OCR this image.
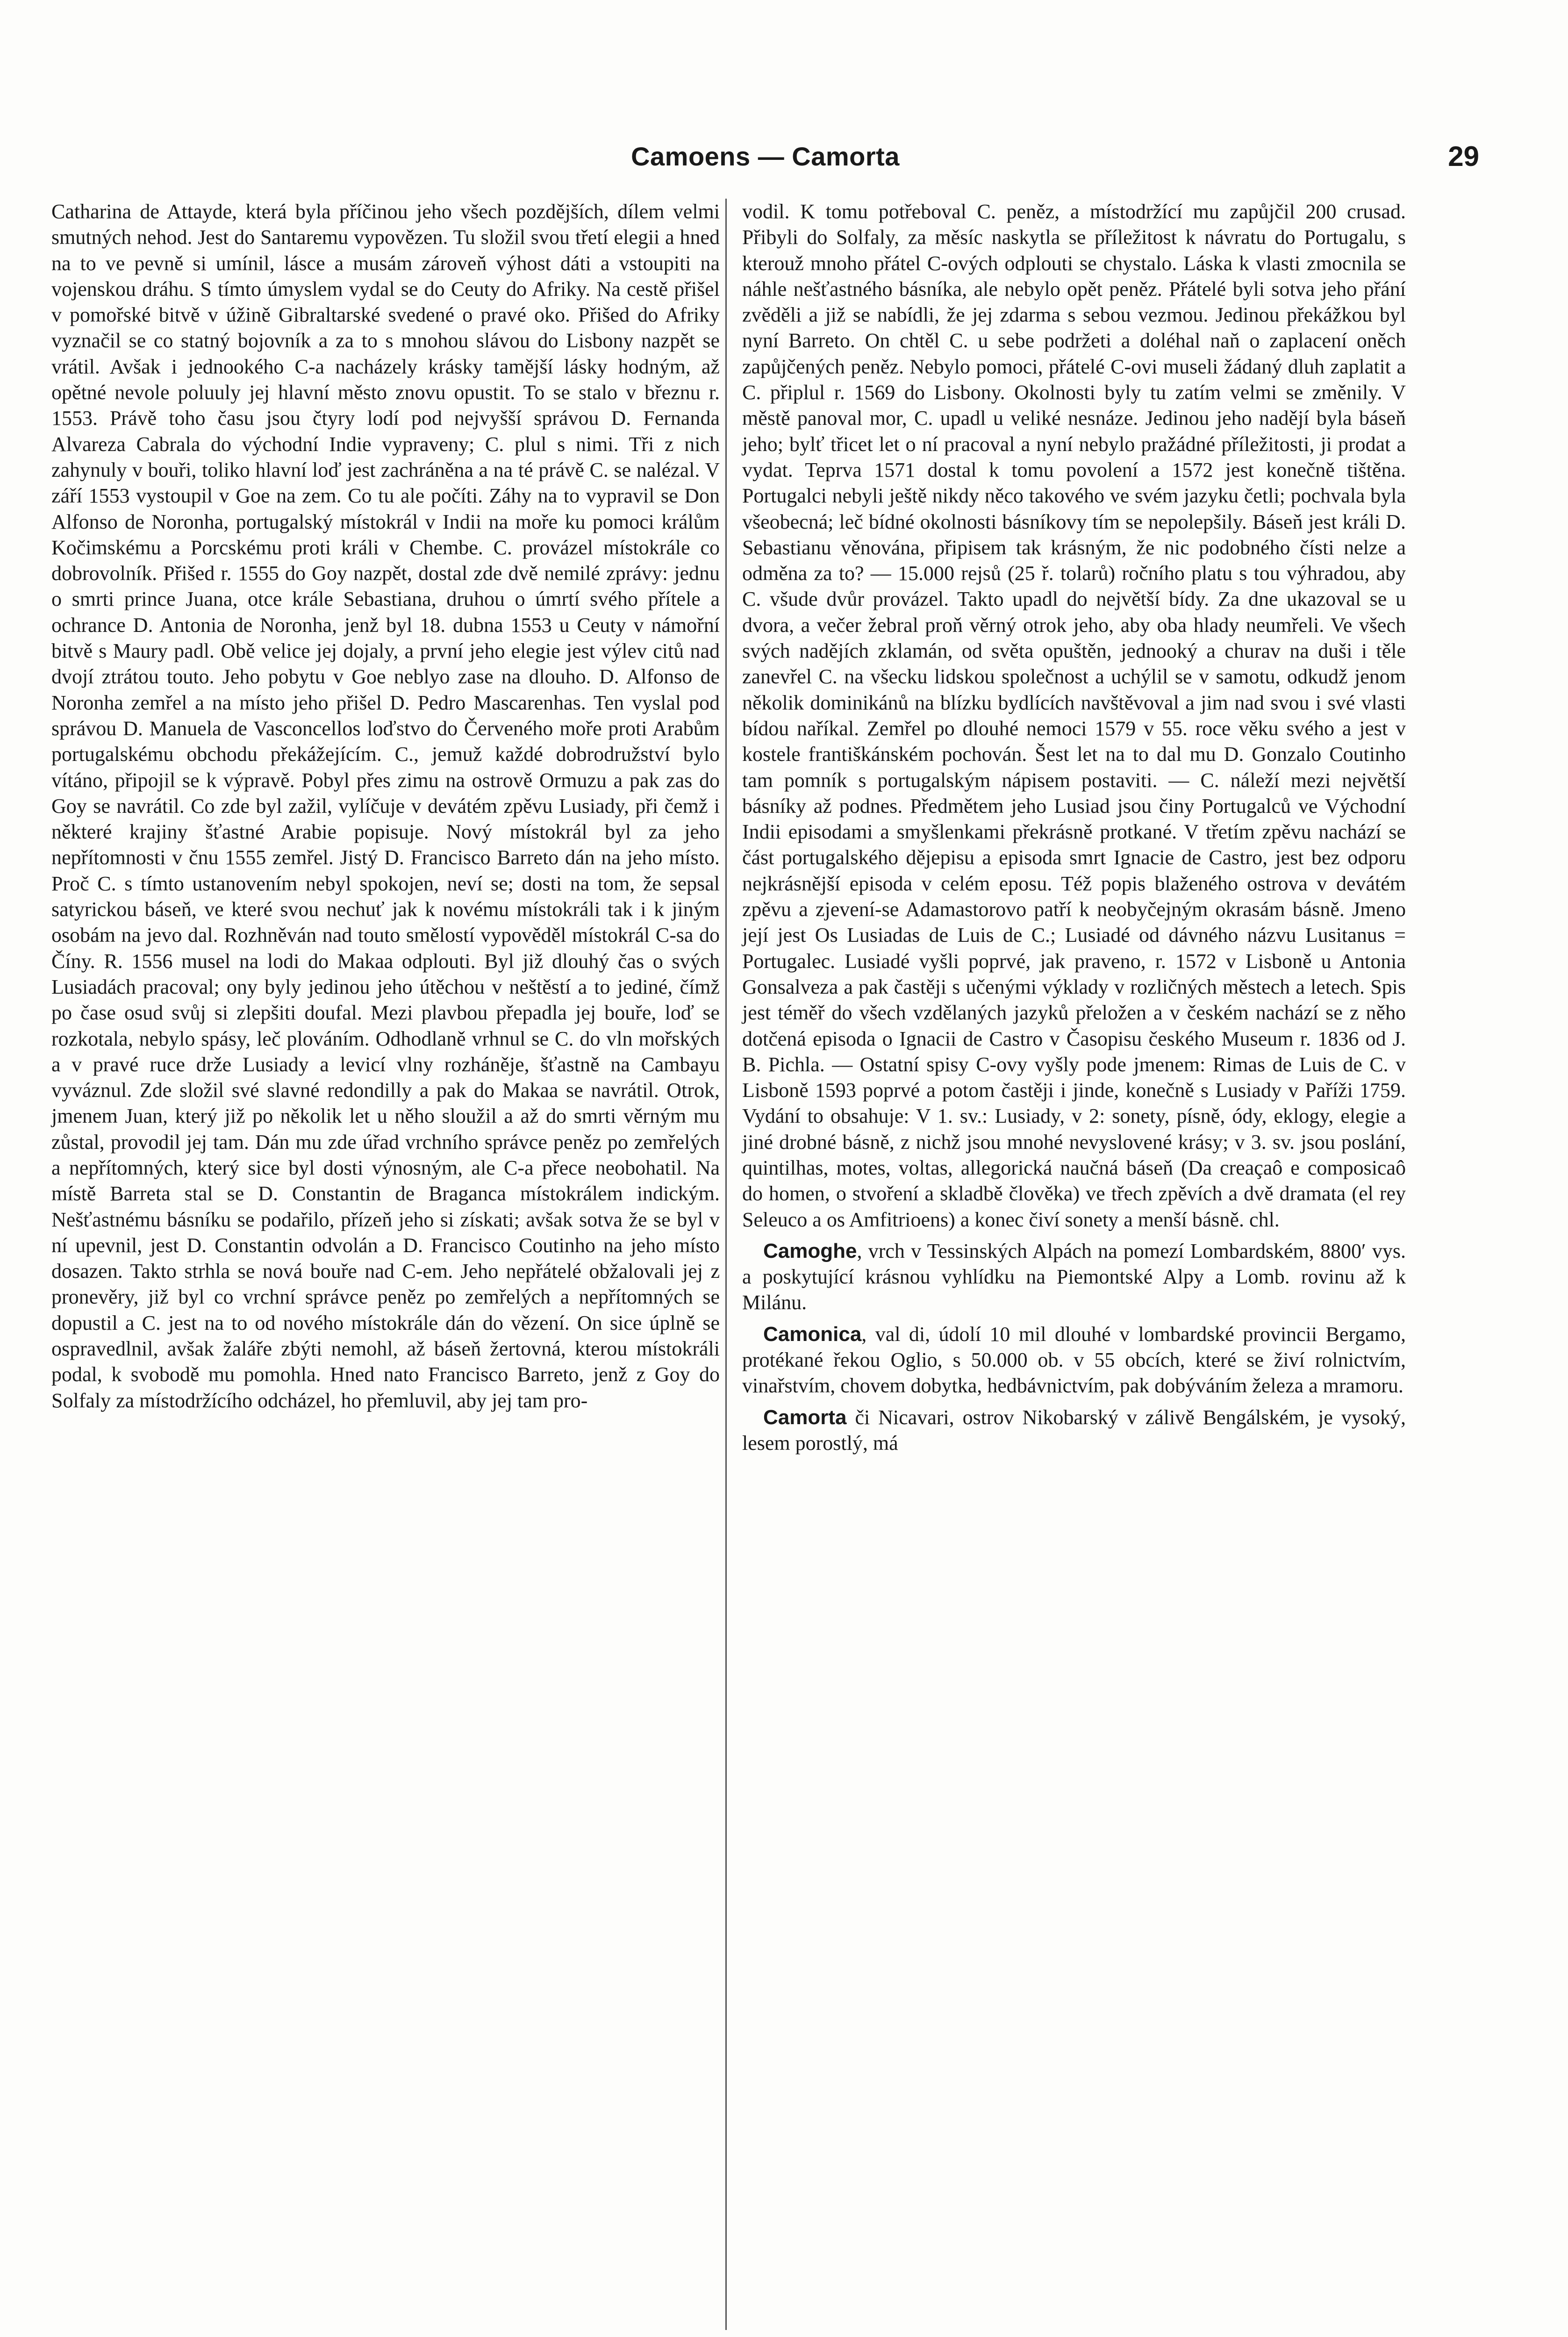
Camoens — Camorta	29

Catharina de Attayde, která byla příčinou jeho všech pozdějších, dílem velmi smutných nehod. Jest do Santaremu vypovězen. Tu složil svou třetí elegii a hned na to ve pevně si umínil, lásce a musám zároveň výhost dáti a vstoupiti na vojenskou dráhu. S tímto úmyslem vydal se do Ceuty do Afriky. Na cestě přišel v pomořské bitvě v úžině Gibraltarské svedené o pravé oko. Přišed do Afriky vyznačil se co statný bojovník a za to s mnohou slávou do Lisbony nazpět se vrátil. Avšak i jednookého C-a nacházely krásky tamější lásky hodným, až opětné nevole poluuly jej hlavní město znovu opustit. To se stalo v březnu r. 1553. Právě toho času jsou čtyry lodí pod nejvyšší správou D. Fernanda Alvareza Cabrala do východní Indie vypraveny; C. plul s nimi. Tři z nich zahynuly v bouři, toliko hlavní loď jest zachráněna a na té právě C. se nalézal. V září 1553 vystoupil v Goe na zem. Co tu ale počíti. Záhy na to vypravil se Don Alfonso de Noronha, portugalský místokrál v Indii na moře ku pomoci králům Kočimskému a Porcskému proti králi v Chembe. C. provázel místokrále co dobrovolník. Přišed r. 1555 do Goy nazpět, dostal zde dvě nemilé zprávy: jednu o smrti prince Juana, otce krále Sebastiana, druhou o úmrtí svého přítele a ochrance D. Antonia de Noronha, jenž byl 18. dubna 1553 u Ceuty v námořní bitvě s Maury padl. Obě velice jej dojaly, a první jeho elegie jest výlev citů nad dvojí ztrátou touto. Jeho pobytu v Goe neblyo zase na dlouho. D. Alfonso de Noronha zemřel a na místo jeho přišel D. Pedro Mascarenhas. Ten vyslal pod správou D. Manuela de Vasconcellos loďstvo do Červeného moře proti Arabům portugalskému obchodu překážejícím. C., jemuž každé dobrodružství bylo vítáno, připojil se k výpravě. Pobyl přes zimu na ostrově Ormuzu a pak zas do Goy se navrátil. Co zde byl zažil, vylíčuje v devátém zpěvu Lusiady, při čemž i některé krajiny šťastné Arabie popisuje. Nový místokrál byl za jeho nepřítomnosti v čnu 1555 zemřel. Jistý D. Francisco Barreto dán na jeho místo. Proč C. s tímto ustanovením nebyl spokojen, neví se; dosti na tom, že sepsal satyrickou báseň, ve které svou nechuť jak k novému místokráli tak i k jiným osobám na jevo dal. Rozhněván nad touto smělostí vypověděl místokrál C-sa do Číny. R. 1556 musel na lodi do Makaa odplouti. Byl již dlouhý čas o svých Lusiadách pracoval; ony byly jedinou jeho útěchou v neštěstí a to jediné, čímž po čase osud svůj si zlepšiti doufal. Mezi plavbou přepadla jej bouře, loď se rozkotala, nebylo spásy, leč plováním. Odhodlaně vrhnul se C. do vln mořských a v pravé ruce drže Lusiady a levicí vlny rozháněje, šťastně na Cambayu vyváznul. Zde složil své slavné redondilly a pak do Makaa se navrátil. Otrok, jmenem Juan, který již po několik let u něho sloužil a až do smrti věrným mu zůstal, provodil jej tam. Dán mu zde úřad vrchního správce peněz po zemřelých a nepřítomných, který sice byl dosti výnosným, ale C-a přece neobohatil. Na místě Barreta stal se D. Constantin de Braganca místokrálem indickým. Nešťastnému básníku se podařilo, přízeň jeho si získati; avšak sotva že se byl v ní upevnil, jest D. Constantin odvolán a D. Francisco Coutinho na jeho místo dosazen. Takto strhla se nová bouře nad C-em. Jeho nepřátelé obžalovali jej z pronevěry, již byl co vrchní správce peněz po zemřelých a nepřítomných se dopustil a C. jest na to od nového místokrále dán do vězení. On sice úplně se ospravedlnil, avšak žaláře zbýti nemohl, až báseň žertovná, kterou místokráli podal, k svobodě mu pomohla. Hned nato Francisco Barreto, jenž z Goy do Solfaly za místodržícího odcházel, ho přemluvil, aby jej tam pro-

vodil. K tomu potřeboval C. peněz, a místodržící mu zapůjčil 200 crusad. Přibyli do Solfaly, za měsíc naskytla se příležitost k návratu do Portugalu, s kterouž mnoho přátel C-ových odplouti se chystalo. Láska k vlasti zmocnila se náhle nešťastného básníka, ale nebylo opět peněz. Přátelé byli sotva jeho přání zvěděli a již se nabídli, že jej zdarma s sebou vezmou. Jedinou překážkou byl nyní Barreto. On chtěl C. u sebe podržeti a doléhal naň o zaplacení oněch zapůjčených peněz. Nebylo pomoci, přátelé C-ovi museli žádaný dluh zaplatit a C. připlul r. 1569 do Lisbony. Okolnosti byly tu zatím velmi se změnily. V městě panoval mor, C. upadl u veliké nesnáze. Jedinou jeho nadějí byla báseň jeho; bylť třicet let o ní pracoval a nyní nebylo pražádné příležitosti, ji prodat a vydat. Teprva 1571 dostal k tomu povolení a 1572 jest konečně tištěna. Portugalci nebyli ještě nikdy něco takového ve svém jazyku četli; pochvala byla všeobecná; leč bídné okolnosti básníkovy tím se nepolepšily. Báseň jest králi D. Sebastianu věnována, připisem tak krásným, že nic podobného čísti nelze a odměna za to? — 15.000 rejsů (25 ř. tolarů) ročního platu s tou výhradou, aby C. všude dvůr provázel. Takto upadl do největší bídy. Za dne ukazoval se u dvora, a večer žebral proň věrný otrok jeho, aby oba hlady neumřeli. Ve všech svých nadějích zklamán, od světa opuštěn, jednooký a churav na duši i těle zanevřel C. na všecku lidskou společnost a uchýlil se v samotu, odkudž jenom několik dominikánů na blízku bydlících navštěvoval a jim nad svou i své vlasti bídou naříkal. Zemřel po dlouhé nemoci 1579 v 55. roce věku svého a jest v kostele františkánském pochován. Šest let na to dal mu D. Gonzalo Coutinho tam pomník s portugalským nápisem postaviti. — C. náleží mezi největší básníky až podnes. Předmětem jeho Lusiad jsou činy Portugalců ve Východní Indii episodami a smyšlenkami překrásně protkané. V třetím zpěvu nachází se část portugalského dějepisu a episoda smrt Ignacie de Castro, jest bez odporu nejkrásnější episoda v celém eposu. Též popis blaženého ostrova v devátém zpěvu a zjevení-se Adamastorovo patří k neobyčejným okrasám básně. Jmeno její jest Os Lusiadas de Luis de C.; Lusiadé od dávného názvu Lusitanus = Portugalec. Lusiadé vyšli poprvé, jak praveno, r. 1572 v Lisboně u Antonia Gonsalveza a pak častěji s učenými výklady v rozličných městech a letech. Spis jest téměř do všech vzdělaných jazyků přeložen a v českém nachází se z něho dotčená episoda o Ignacii de Castro v Časopisu českého Museum r. 1836 od J. B. Pichla. — Ostatní spisy C-ovy vyšly pode jmenem: Rimas de Luis de C. v Lisboně 1593 poprvé a potom častěji i jinde, konečně s Lusiady v Paříži 1759. Vydání to obsahuje: V 1. sv.: Lusiady, v 2: sonety, písně, ódy, eklogy, elegie a jiné drobné básně, z nichž jsou mnohé nevyslovené krásy; v 3. sv. jsou poslání, quintilhas, motes, voltas, allegorická naučná báseň (Da creaçaô e composicaô do homen, o stvoření a skladbě člověka) ve třech zpěvích a dvě dramata (el rey Seleuco a os Amfitrioens) a konec čiví sonety a menší básně. chl.

Camoghe, vrch v Tessinských Alpách na pomezí Lombardském, 8800′ vys. a poskytující krásnou vyhlídku na Piemontské Alpy a Lomb. rovinu až k Milánu.

Camonica, val di, údolí 10 mil dlouhé v lombardské provincii Bergamo, protékané řekou Oglio, s 50.000 ob. v 55 obcích, které se živí rolnictvím, vinařstvím, chovem dobytka, hedbávnictvím, pak dobýváním železa a mramoru.

Camorta či Nicavari, ostrov Nikobarský v zálivě Bengálském, je vysoký, lesem porostlý, má
